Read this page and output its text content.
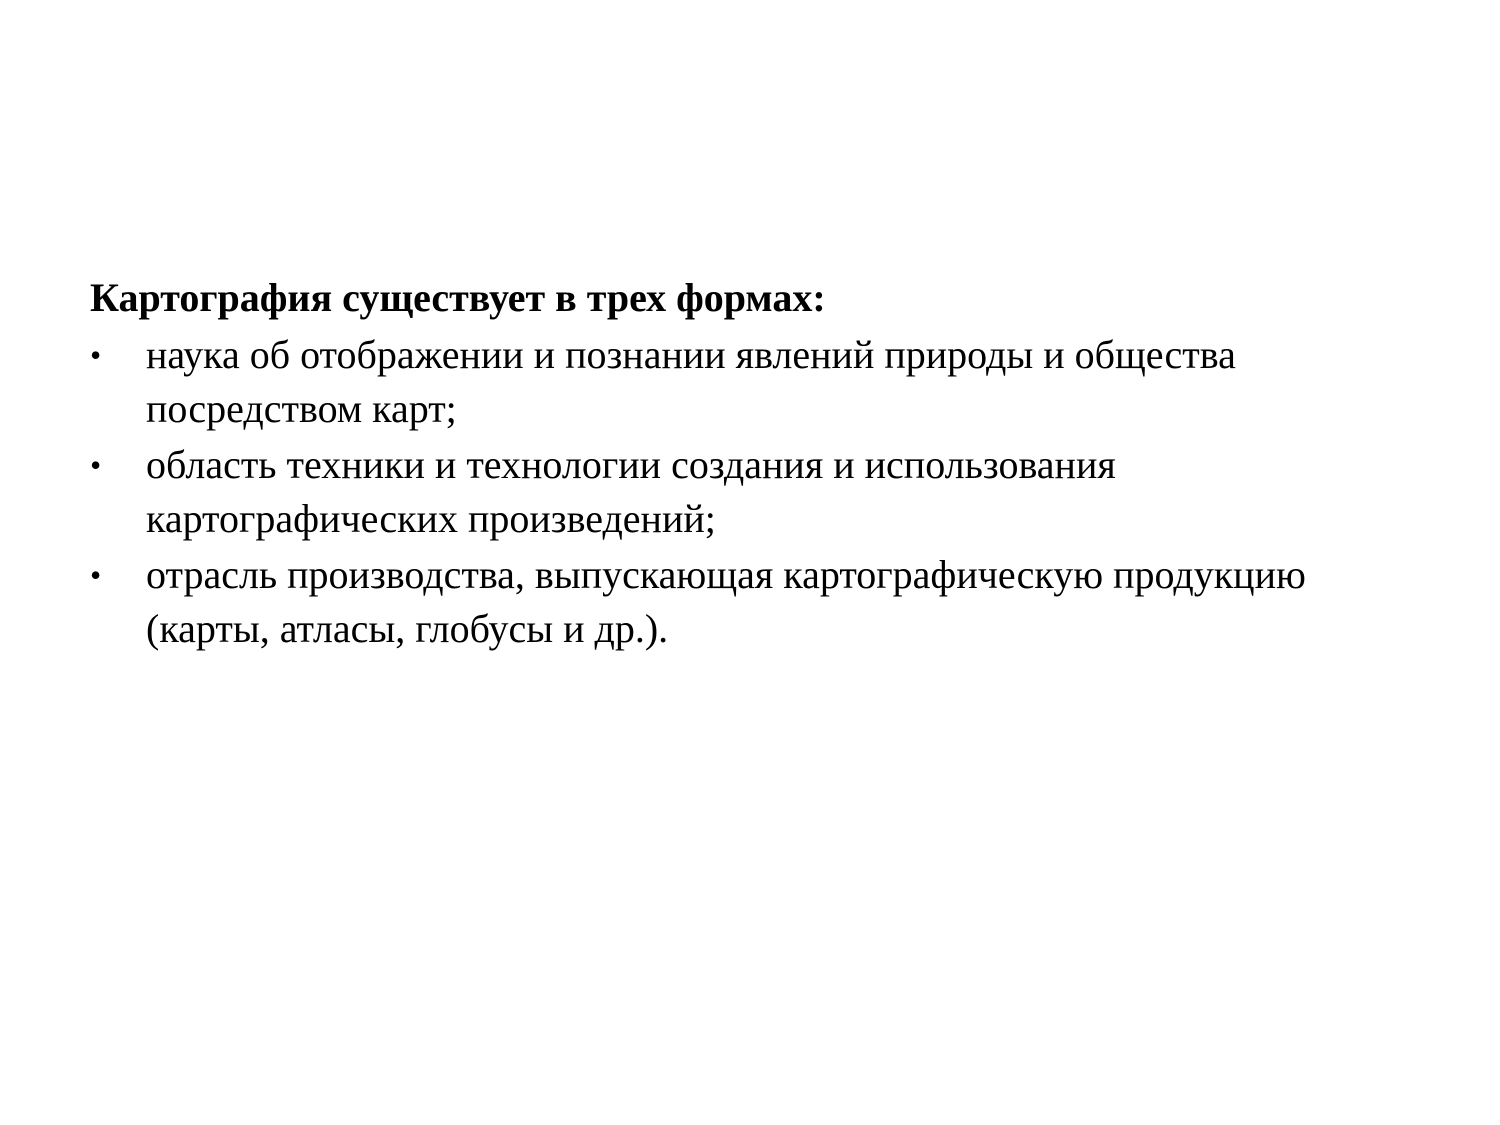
Картография существует в трех формах:
•	наука об отображении и познании явлений природы и общества посредством карт;
•	область техники и технологии создания и использования картографических произведений;
•	отрасль производства, выпускающая картографическую продукцию (карты, атласы, глобусы и др.).
